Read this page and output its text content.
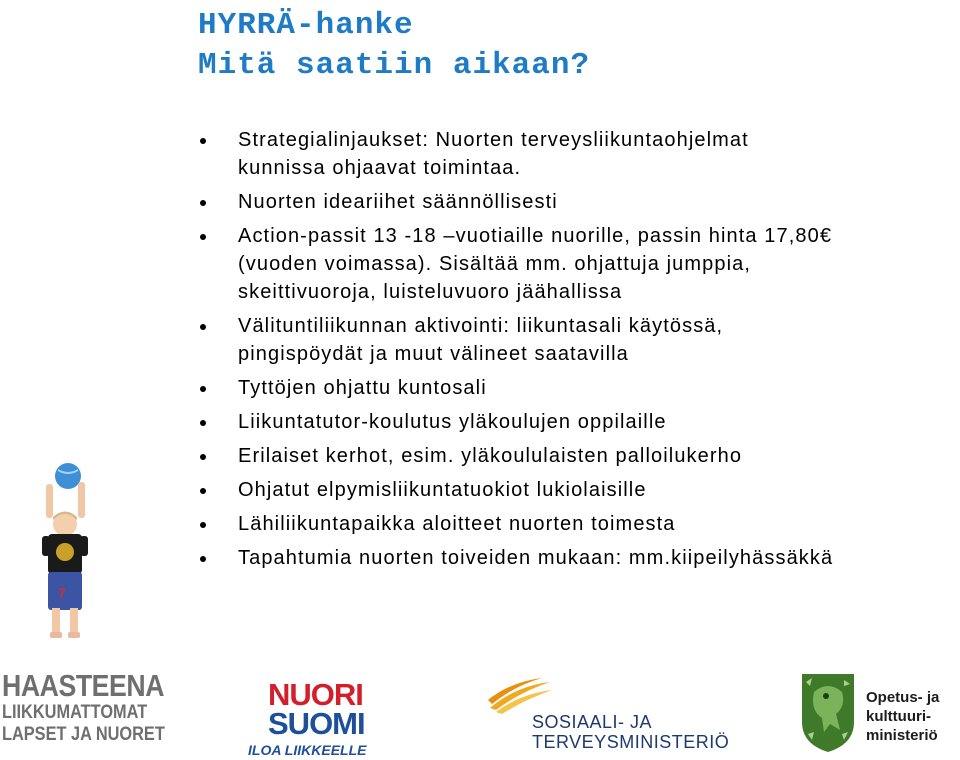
HYRRÄ-hanke
Mitä saatiin aikaan?
Strategialinjaukset: Nuorten terveysliikuntaohjelmat
kunnissa ohjaavat toimintaa.
Nuorten ideariihet säännöllisesti
Action-passit 13 -18 –vuotiaille nuorille, passin hinta 17,80€
(vuoden voimassa). Sisältää mm. ohjattuja jumppia,
skeittivuoroja, luisteluvuoro jäähallissa
Välituntiliikunnan aktivointi: liikuntasali käytössä,
pingispöydät ja muut välineet saatavilla
Tyttöjen ohjattu kuntosali
Liikuntatutor-koulutus yläkoulujen oppilaille
Erilaiset kerhot, esim. yläkoululaisten palloilukerho
Ohjatut elpymisliikuntatuokiot lukiolaisille
Lähiliikuntapaikka aloitteet nuorten toimesta
Tapahtumia nuorten toiveiden mukaan: mm.kiipeilyhässäkkä
7
HAASTEENA
LIIKKUMATTOMAT
LAPSET JA NUORET
NUORI
SUOMI
ILOA LIIKKEELLE
SOSIAALI- JA
TERVEYSMINISTERIÖ
Opetus- ja
kulttuuri-
ministeriö
